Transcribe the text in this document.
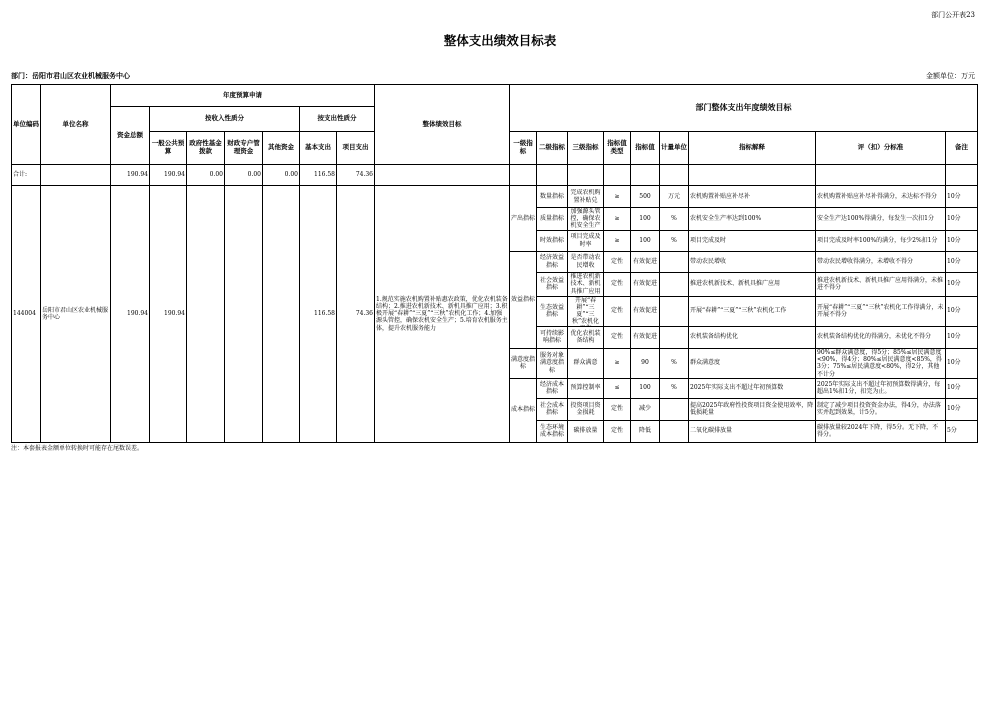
部门公开表23
整体支出绩效目标表
部门：岳阳市君山区农业机械服务中心	金额单位：万元
单位编码	单位名称	年度预算申请							整体绩效目标	部门整体支出年度绩效目标								
		资金总额	按收入性质分				按支出性质分											
			一般公共预算	政府性基金拨款	财政专户管理资金	其他资金	基本支出	项目支出		一级指标	二级指标	三级指标	指标值类型	指标值	计量单位	指标解释	评（扣）分标准	备注
合计:		190.94	190.94	0.00	0.00	0.00	116.58	74.36										
144004	岳阳市君山区农业机械服务中心	190.94	190.94				116.58	74.36	1.规范实施农机购置补贴惠农政策，优化农机装备结构；2.推进农机新技术、新机具推广应用；3.积极开展“春耕”“三夏”“三秋”农机化工作；4.加强源头管控，确保农机安全生产；5.培育农机服务主体，提升农机服务能力	产出指标	数量指标	完成农机购置补贴兑	≥	500	万元	农机购置补贴应补尽补	农机购置补贴应补尽补得满分，未达标不得分	10分
											质量指标	加强源头管控，确保农机安全生产	≥	100	%	农机安全生产率达到100%	安全生产达100%得满分，每发生一次扣1分	10分
											时效指标	项目完成及时率	≥	100	%	项目完成及时	项目完成及时率100%的满分，每少2%扣1分	10分
										效益指标	经济效益指标	是否带动农民增收	定性	有效促进		带动农民增收	带动农民增收得满分，未增收不得分	10分
											社会效益指标	推进农机新技术、新机具推广应用	定性	有效促进		推进农机新技术、新机具推广应用	推进农机新技术、新机具推广应用得满分，未推进不得分	10分
											生态效益指标	开展“春耕”“三夏”“三秋”农机化	定性	有效促进		开展“春耕”“三夏”“三秋”农机化工作	开展“春耕”“三夏”“三秋”农机化工作得满分，未开展不得分	10分
											可持续影响指标	优化农机装备结构	定性	有效促进		农机装备结构优化	农机装备结构优化的得满分，未优化不得分	10分
										满意度指标	服务对象满意度指标	群众满意	≥	90	%	群众满意度	90%≤群众满意度，得5分；85%≤居民满意度<90%，得4分；80%≤居民满意度<85%，得3分；75%≤居民满意度<80%，得2分，其他不计分	10分
										成本指标	经济成本指标	预算控制率	≤	100	%	2025年实际支出不超过年初预算数	2025年实际支出不超过年初预算数得满分，每超出1%扣1分，扣完为止。	10分
											社会成本指标	投资项目资金损耗	定性	减少		提高2025年政府性投资项目资金使用效率，降低损耗量	制定了减少项目投资资金办法，得4分，办法落实并起到效果，计5分。	10分
											生态环境成本指标	碳排放量	定性	降低		二氧化碳排放量	碳排放量较2024年下降，得5分。无下降，不得分。	5分
注：本套报表金额单位转换时可能存在尾数误差。
